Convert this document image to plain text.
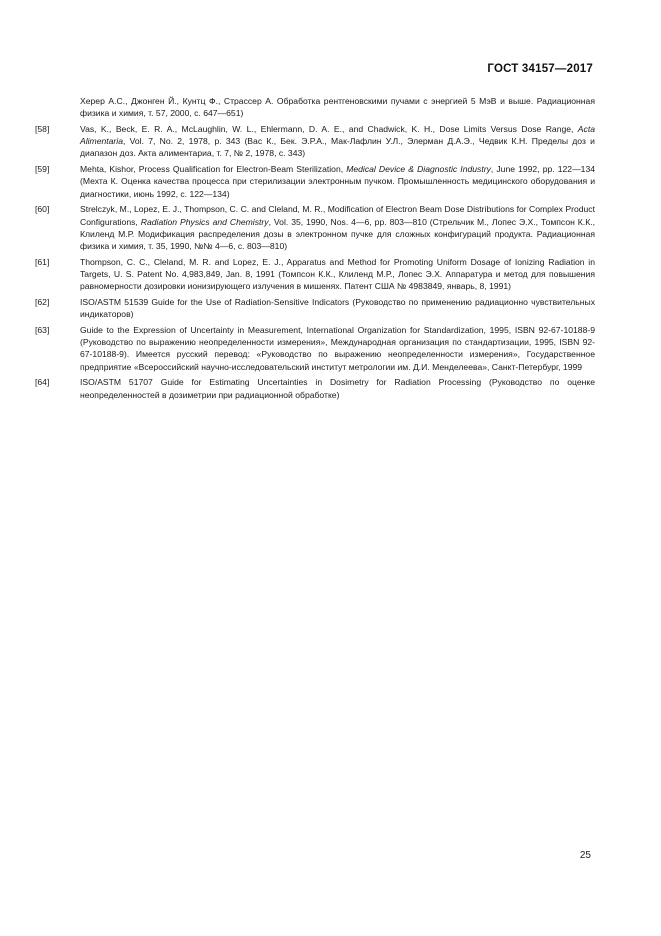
ГОСТ 34157—2017
Херер А.С., Джонген Й., Кунтц Ф., Страссер А. Обработка рентгеновскими пучами с энергией 5 МэВ и выше. Радиационная физика и химия, т. 57, 2000, с. 647—651)
[58]	Vas, K., Beck, E. R. A., McLaughlin, W. L., Ehlermann, D. A. E., and Chadwick, K. H., Dose Limits Versus Dose Range, Acta Alimentaria, Vol. 7, No. 2, 1978, p. 343 (Вас К., Бек. Э.Р.А., Мак-Лафлин У.Л., Элерман Д.А.Э., Чедвик К.Н. Пределы доз и диапазон доз. Акта алиментариа, т. 7, № 2, 1978, с. 343)
[59]	Mehta, Kishor, Process Qualification for Electron-Beam Sterilization, Medical Device & Diagnostic Industry, June 1992, pp. 122—134 (Мехта К. Оценка качества процесса при стерилизации электронным пучком. Промышленность медицинского оборудования и диагностики, июнь 1992, с. 122—134)
[60]	Strelczyk, M., Lopez, E. J., Thompson, C. C. and Cleland, M. R., Modification of Electron Beam Dose Distributions for Complex Product Configurations, Radiation Physics and Chemistry, Vol. 35, 1990, Nos. 4—6, pp. 803—810 (Стрельчик М., Лопес Э.Х., Томпсон К.К., Клиленд М.Р. Модификация распределения дозы в электронном пучке для сложных конфигураций продукта. Радиационная физика и химия, т. 35, 1990, №№ 4—6, с. 803—810)
[61]	Thompson, C. C., Cleland, M. R. and Lopez, E. J., Apparatus and Method for Promoting Uniform Dosage of Ionizing Radiation in Targets, U. S. Patent No. 4,983,849, Jan. 8, 1991 (Томпсон К.К., Клиленд М.Р., Лопес Э.Х. Аппаратура и метод для повышения равномерности дозировки ионизирующего излучения в мишенях. Патент США № 4983849, январь, 8, 1991)
[62]	ISO/ASTM 51539 Guide for the Use of Radiation-Sensitive Indicators (Руководство по применению радиационно чувствительных индикаторов)
[63]	Guide to the Expression of Uncertainty in Measurement, International Organization for Standardization, 1995, ISBN 92-67-10188-9 (Руководство по выражению неопределенности измерения», Международная организация по стандартизации, 1995, ISBN 92-67-10188-9). Имеется русский перевод: «Руководство по выражению неопределенности измерения», Государственное предприятие «Всероссийский научно-исследовательский институт метрологии им. Д.И. Менделеева», Санкт-Петербург, 1999
[64]	ISO/ASTM 51707 Guide for Estimating Uncertainties in Dosimetry for Radiation Processing (Руководство по оценке неопределенностей в дозиметрии при радиационной обработке)
25
